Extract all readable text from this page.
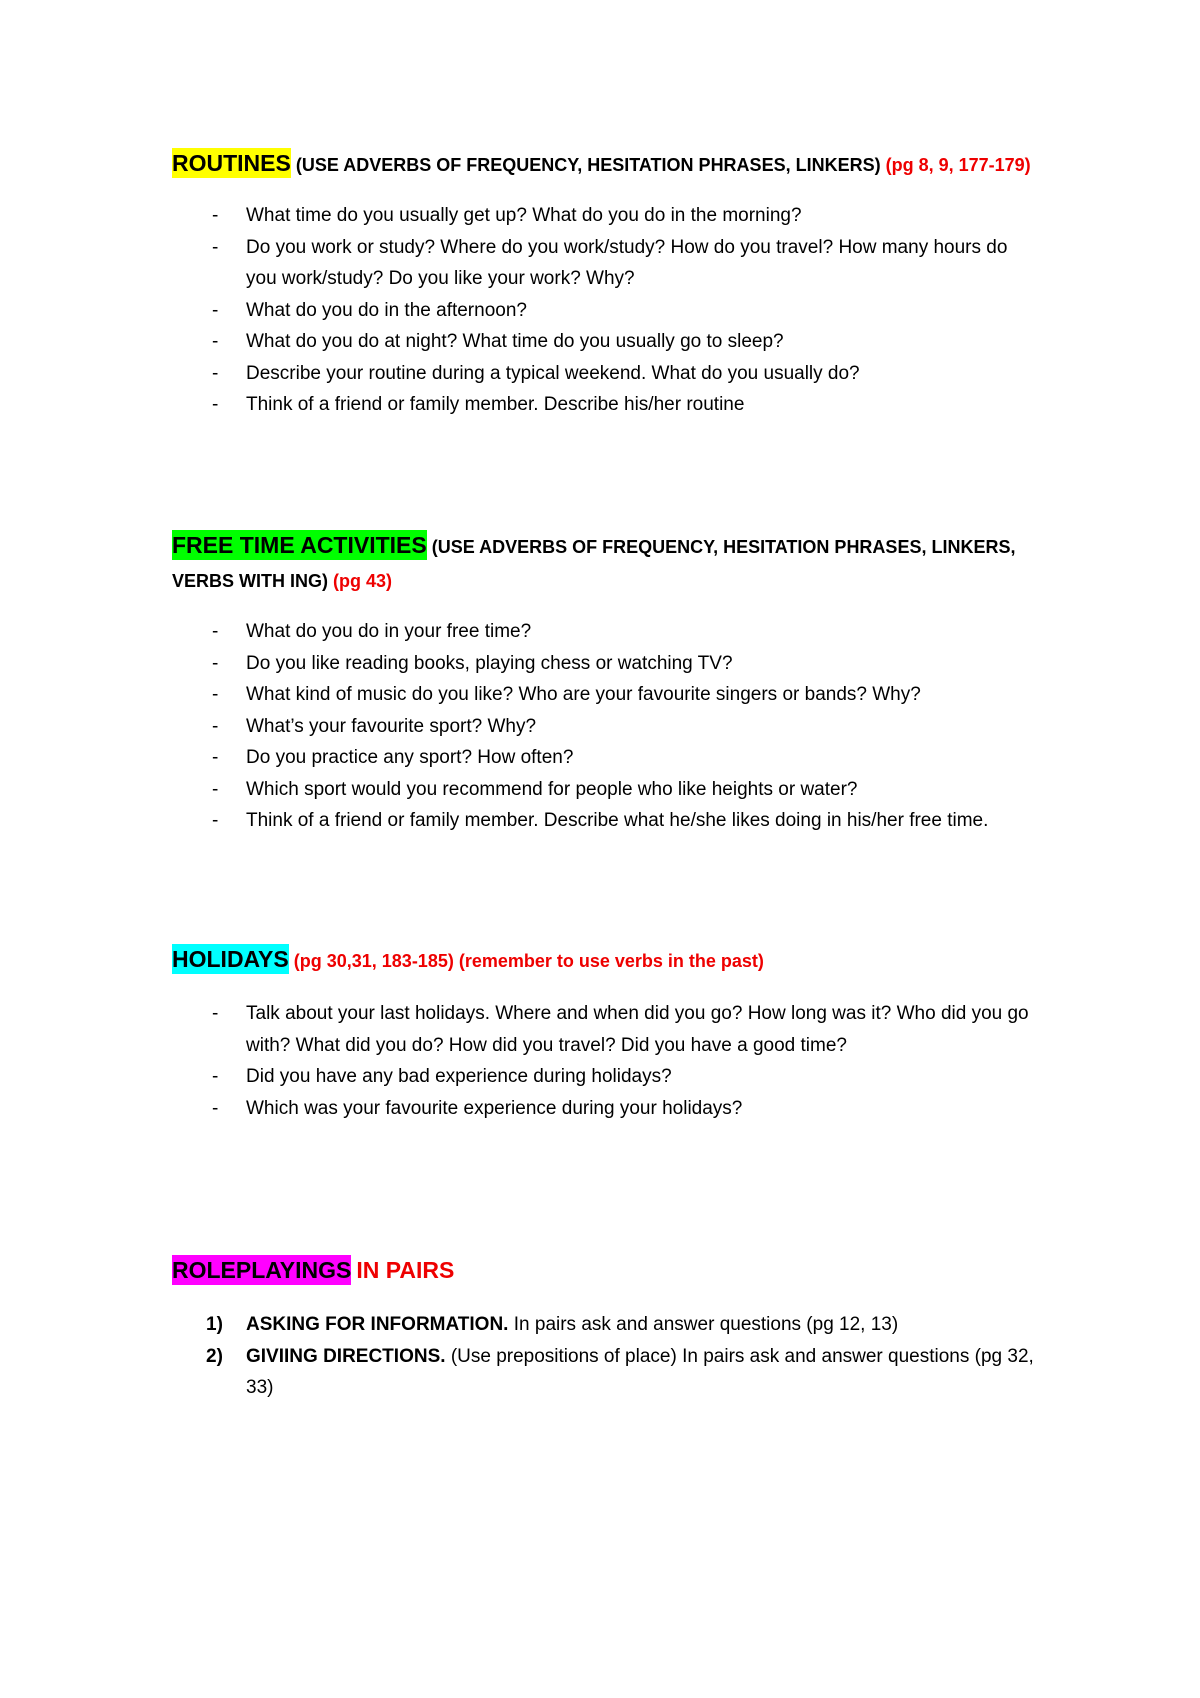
ROUTINES (USE ADVERBS OF FREQUENCY, HESITATION PHRASES, LINKERS) (pg 8, 9, 177-179)
- What time do you usually get up? What do you do in the morning?
- Do you work or study? Where do you work/study? How do you travel? How many hours do you work/study? Do you like your work? Why?
- What do you do in the afternoon?
- What do you do at night? What time do you usually go to sleep?
- Describe your routine during a typical weekend. What do you usually do?
- Think of a friend or family member. Describe his/her routine
FREE TIME ACTIVITIES (USE ADVERBS OF FREQUENCY, HESITATION PHRASES, LINKERS, VERBS WITH ING) (pg 43)
- What do you do in your free time?
- Do you like reading books, playing chess or watching TV?
- What kind of music do you like? Who are your favourite singers or bands? Why?
- What’s your favourite sport? Why?
- Do you practice any sport? How often?
- Which sport would you recommend for people who like heights or water?
- Think of a friend or family member. Describe what he/she likes doing in his/her free time.
HOLIDAYS (pg 30,31, 183-185) (remember to use verbs in the past)
- Talk about your last holidays. Where and when did you go? How long was it? Who did you go with? What did you do? How did you travel? Did you have a good time?
- Did you have any bad experience during holidays?
- Which was your favourite experience during your holidays?
ROLEPLAYINGS IN PAIRS
1) ASKING FOR INFORMATION. In pairs ask and answer questions (pg 12, 13)
2) GIVIING DIRECTIONS. (Use prepositions of place) In pairs ask and answer questions (pg 32, 33)
